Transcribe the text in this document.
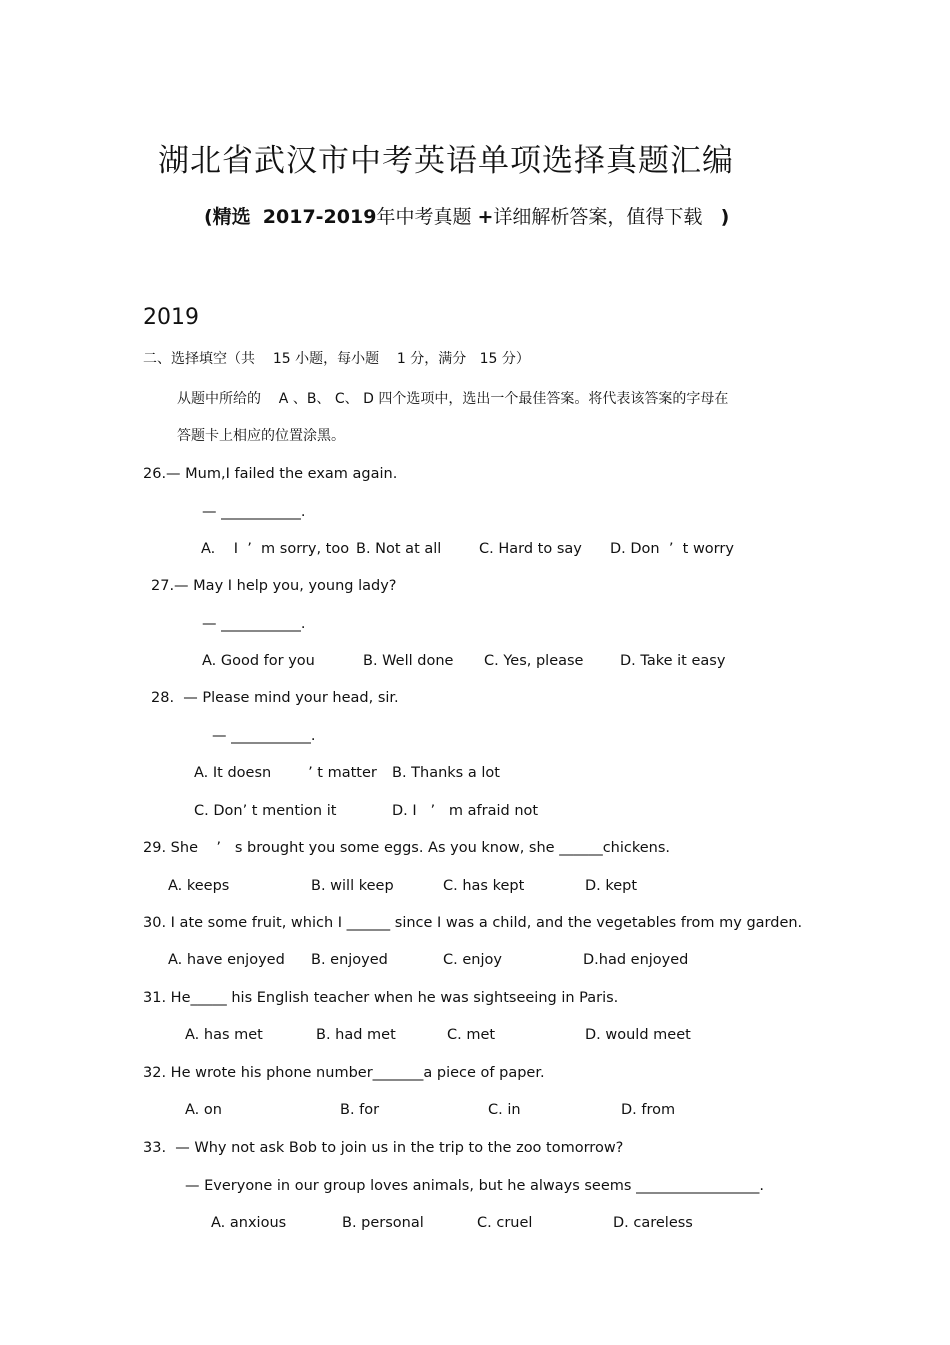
湖北省武汉市中考英语单项选择真题汇编
(精选 2017-2019年中考真题 +详细解析答案，值得下载 )
2019
二、选择填空（共 15 小题，每小题 1 分，满分 15 分）
从题中所给的    A 、B、 C、 D 四个选项中，选出一个最佳答案。将代表该答案的字母在
答题卡上相应的位置涂黑。
26.— Mum,I failed the exam again.
— ___________.
A.    I  ’  m sorry, too B. Not at all	C. Hard to say D. Don  ’  t worry
27.— May I help you, young lady?
— ___________.
A. Good for you	B. Well done C. Yes, please	D. Take it easy
28.  — Please mind your head, sir.
— ___________.
A. It doesn        ’ t matter B. Thanks a lot
C. Don’ t mention it	D. I   ’   m afraid not
29. She    ’   s brought you some eggs. As you know, she ______chickens.
A. keeps	B. will keep	C. has kept	D. kept
30. I ate some fruit, which I ______ since I was a child, and the vegetables from my garden.
A. have enjoyed B. enjoyed	C. enjoy	D.had enjoyed
31. He_____ his English teacher when he was sightseeing in Paris.
A. has met	B. had met	C. met	D. would meet
32. He wrote his phone number_______a piece of paper.
A. on	B. for	C. in	D. from
33.  — Why not ask Bob to join us in the trip to the zoo tomorrow?
— Everyone in our group loves animals, but he always seems _________________.
A. anxious	B. personal	C. cruel	D. careless
